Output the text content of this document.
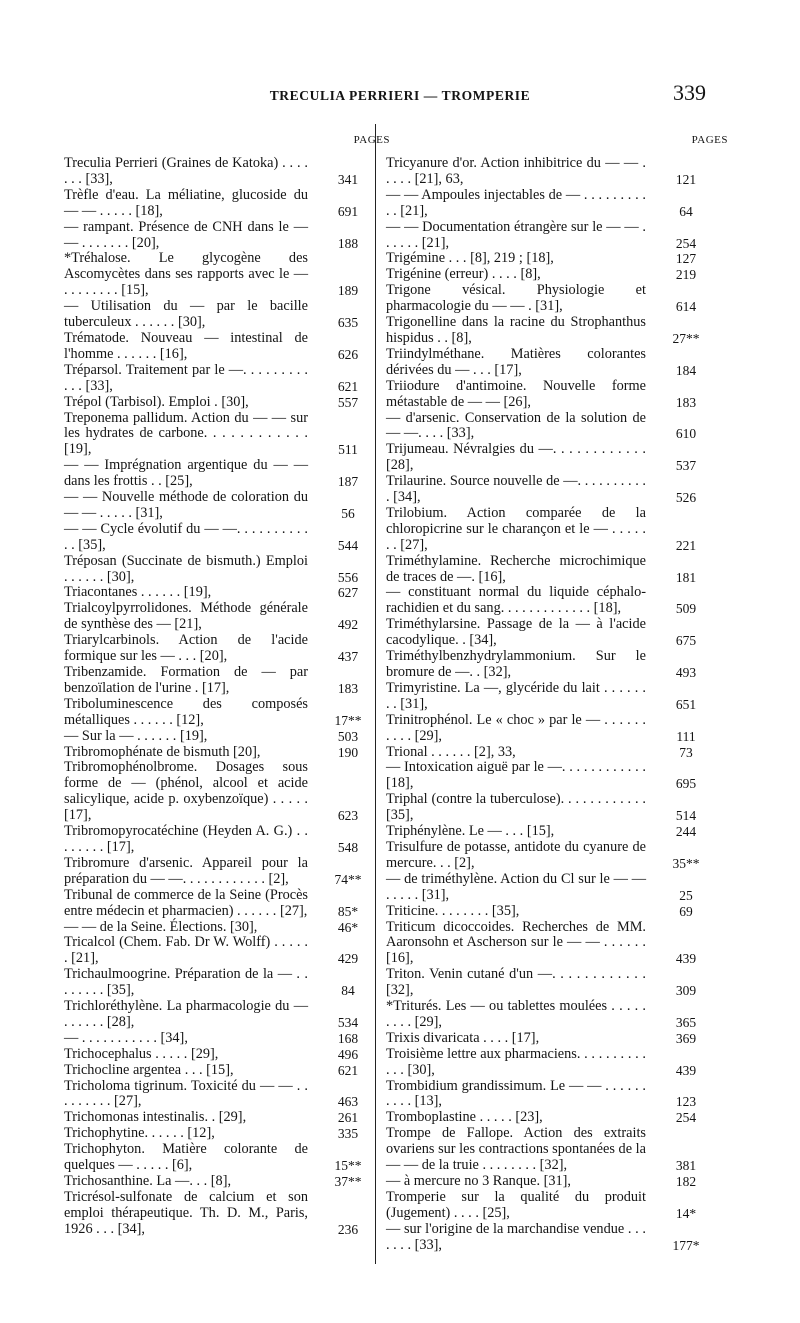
TRECULIA PERRIERI — TROMPERIE	339
PAGES
Treculia Perrieri (Graines de Katoka) . . . . . . . [33],	341
Trèfle d'eau. La méliatine, glucoside du — — . . . . . [18],	691
— rampant. Présence de CNH dans le — — . . . . . . . [20],	188
*Tréhalose. Le glycogène des Ascomycètes dans ses rapports avec le — . . . . . . . . [15],	189
— Utilisation du — par le bacille tuberculeux . . . . . . [30],	635
Trématode. Nouveau — intestinal de l'homme . . . . . . [16],	626
Tréparsol. Traitement par le —. . . . . . . . . . . . [33],	621
Trépol (Tarbisol). Emploi . [30],	557
Treponema pallidum. Action du — — sur les hydrates de carbone. . . . . . . . . . . . [19],	511
— — Imprégnation argentique du — — dans les frottis . . [25],	187
— — Nouvelle méthode de coloration du — — . . . . . [31],	56
— — Cycle évolutif du — —. . . . . . . . . . . . [35],	544
Tréposan (Succinate de bismuth.) Emploi . . . . . . [30],	556
Triacontanes . . . . . . [19],	627
Trialcoylpyrrolidones. Méthode générale de synthèse des — [21],	492
Triarylcarbinols. Action de l'acide formique sur les — . . . [20],	437
Tribenzamide. Formation de — par benzoïlation de l'urine . [17],	183
Triboluminescence des composés métalliques . . . . . . [12],	17**
— Sur la — . . . . . . [19],	503
Tribromophénate de bismuth [20],	190
Tribromophénolbrome. Dosages sous forme de — (phénol, alcool et acide salicylique, acide p. oxybenzoïque) . . . . . [17],	623
Tribromopyrocatéchine (Heyden A. G.) . . . . . . . . [17],	548
Tribromure d'arsenic. Appareil pour la préparation du — —. . . . . . . . . . . . [2],	74**
Tribunal de commerce de la Seine (Procès entre médecin et pharmacien) . . . . . . [27],	85*
— — de la Seine. Élections. [30],	46*
Tricalcol (Chem. Fab. Dr W. Wolff) . . . . . . [21],	429
Trichaulmoogrine. Préparation de la — . . . . . . . . [35],	84
Trichloréthylène. La pharmacologie du — . . . . . . [28],	534
— . . . . . . . . . . . [34],	168
Trichocephalus . . . . . [29],	496
Trichocline argentea . . . [15],	621
Tricholoma tigrinum. Toxicité du — — . . . . . . . . . [27],	463
Trichomonas intestinalis. . [29],	261
Trichophytine. . . . . . [12],	335
Trichophyton. Matière colorante de quelques — . . . . . [6],	15**
Trichosanthine. La —. . . [8],	37**
Tricrésol-sulfonate de calcium et son emploi thérapeutique. Th. D. M., Paris, 1926 . . . [34],	236
PAGES
Tricyanure d'or. Action inhibitrice du — — . . . . . [21], 63,	121
— — Ampoules injectables de — . . . . . . . . . . . [21],	64
— — Documentation étrangère sur le — — . . . . . . [21],	254
Trigémine . . . [8], 219 ; [18],	127
Trigénine (erreur) . . . . [8],	219
Trigone vésical. Physiologie et pharmacologie du — — . [31],	614
Trigonelline dans la racine du Strophanthus hispidus . . [8],	27**
Triindylméthane. Matières colorantes dérivées du — . . . [17],	184
Triiodure d'antimoine. Nouvelle forme métastable de — — [26],	183
— d'arsenic. Conservation de la solution de — —. . . . [33],	610
Trijumeau. Névralgies du —. . . . . . . . . . . . [28],	537
Trilaurine. Source nouvelle de —. . . . . . . . . . . [34],	526
Trilobium. Action comparée de la chloropicrine sur le charançon et le — . . . . . . . [27],	221
Triméthylamine. Recherche microchimique de traces de —. [16],	181
— constituant normal du liquide céphalo-rachidien et du sang. . . . . . . . . . . . . [18],	509
Triméthylarsine. Passage de la — à l'acide cacodylique. . [34],	675
Triméthylbenzhydrylammonium. Sur le bromure de —. . [32],	493
Trimyristine. La —, glycéride du lait . . . . . . . . [31],	651
Trinitrophénol. Le « choc » par le — . . . . . . . . . . [29],	111
Trional . . . . . . [2], 33,	73
— Intoxication aiguë par le —. . . . . . . . . . . . [18],	695
Triphal (contre la tuberculose). . . . . . . . . . . . [35],	514
Triphénylène. Le — . . . [15],	244
Trisulfure de potasse, antidote du cyanure de mercure. . . [2],	35**
— de triméthylène. Action du Cl sur le — — . . . . . [31],	25
Triticine. . . . . . . . [35],	69
Triticum dicoccoides. Recherches de MM. Aaronsohn et Ascherson sur le — — . . . . . . [16],	439
Triton. Venin cutané d'un —. . . . . . . . . . . . [32],	309
*Triturés. Les — ou tablettes moulées . . . . . . . . . [29],	365
Trixis divaricata . . . . [17],	369
Troisième lettre aux pharmaciens. . . . . . . . . . . . . [30],	439
Trombidium grandissimum. Le — — . . . . . . . . . . [13],	123
Tromboplastine . . . . . [23],	254
Trompe de Fallope. Action des extraits ovariens sur les contractions spontanées de la — — de la truie . . . . . . . . [32],	381
— à mercure no 3 Ranque. [31],	182
Tromperie sur la qualité du produit (Jugement) . . . . [25],	14*
— sur l'origine de la marchandise vendue . . . . . . . [33],	177*
